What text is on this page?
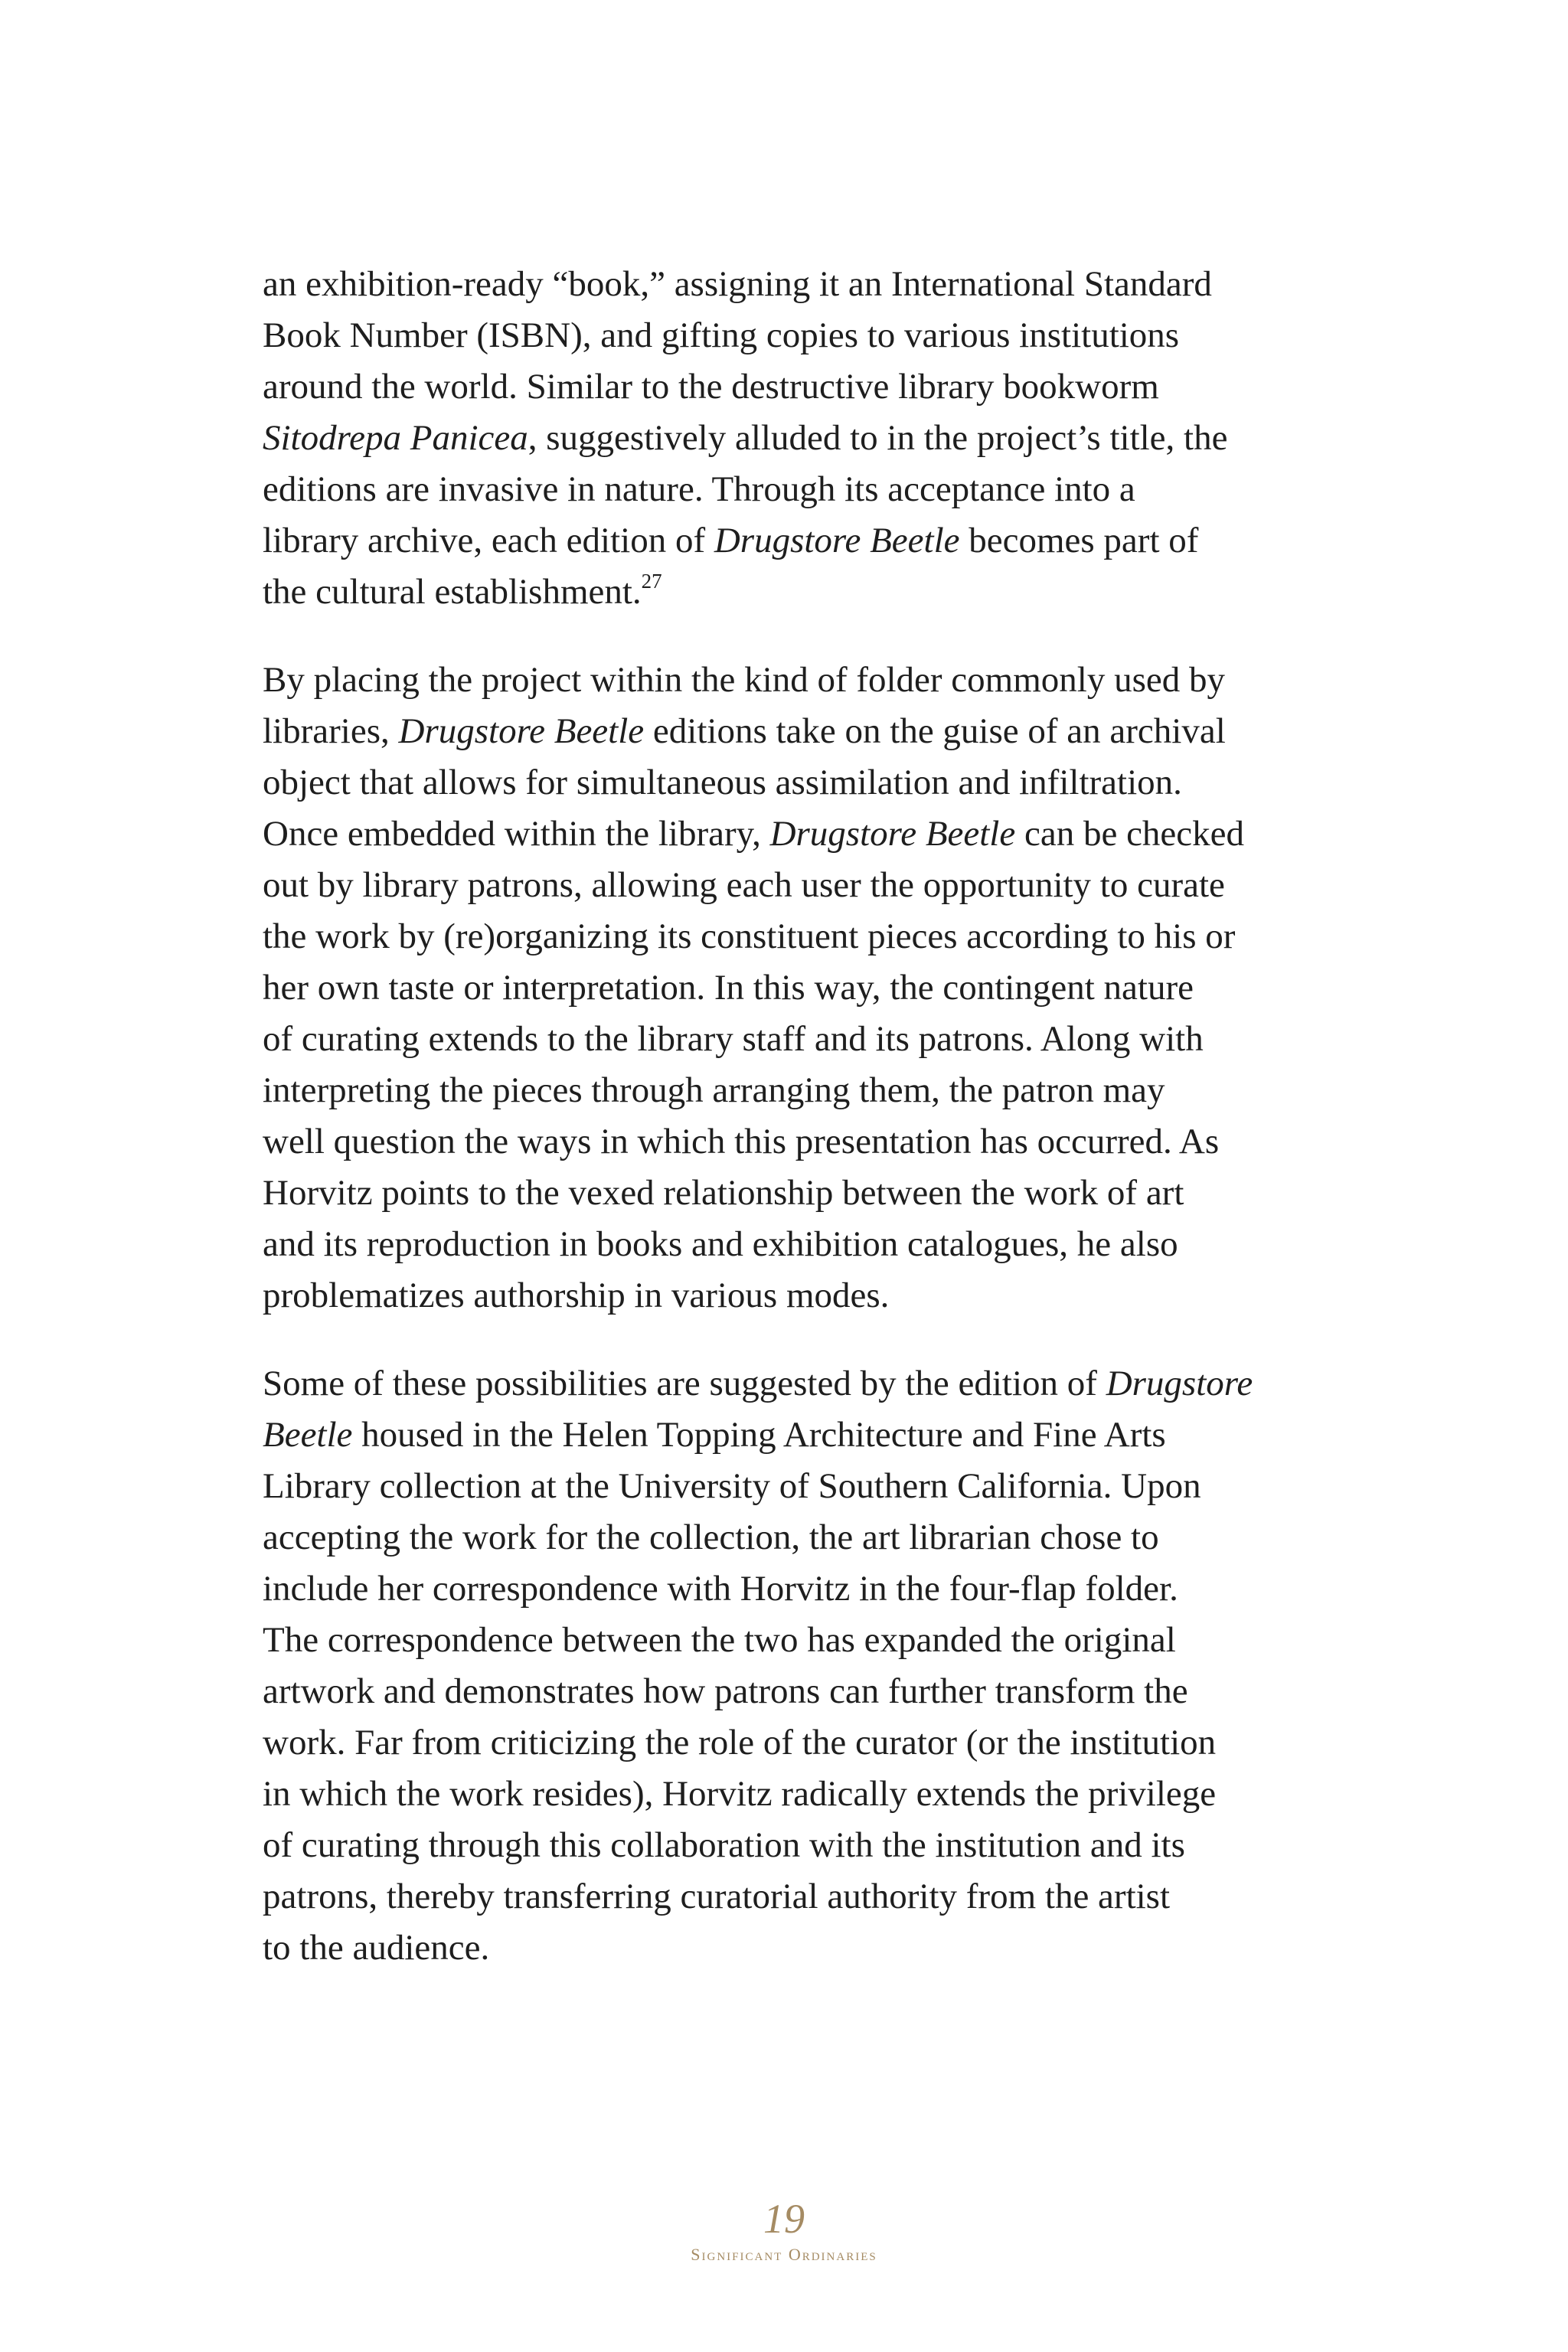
an exhibition-ready “book,” assigning it an International Standard
Book Number (ISBN), and gifting copies to various institutions
around the world. Similar to the destructive library bookworm
Sitodrepa Panicea, suggestively alluded to in the project’s title, the
editions are invasive in nature. Through its acceptance into a
library archive, each edition of Drugstore Beetle becomes part of
the cultural establishment.$^{27}$

By placing the project within the kind of folder commonly used by
libraries, Drugstore Beetle editions take on the guise of an archival
object that allows for simultaneous assimilation and infiltration.
Once embedded within the library, Drugstore Beetle can be checked
out by library patrons, allowing each user the opportunity to curate
the work by (re)organizing its constituent pieces according to his or
her own taste or interpretation. In this way, the contingent nature
of curating extends to the library staff and its patrons. Along with
interpreting the pieces through arranging them, the patron may
well question the ways in which this presentation has occurred. As
Horvitz points to the vexed relationship between the work of art
and its reproduction in books and exhibition catalogues, he also
problematizes authorship in various modes.

Some of these possibilities are suggested by the edition of Drugstore
Beetle housed in the Helen Topping Architecture and Fine Arts
Library collection at the University of Southern California. Upon
accepting the work for the collection, the art librarian chose to
include her correspondence with Horvitz in the four-flap folder.
The correspondence between the two has expanded the original
artwork and demonstrates how patrons can further transform the
work. Far from criticizing the role of the curator (or the institution
in which the work resides), Horvitz radically extends the privilege
of curating through this collaboration with the institution and its
patrons, thereby transferring curatorial authority from the artist
to the audience.

19
Significant Ordinaries
